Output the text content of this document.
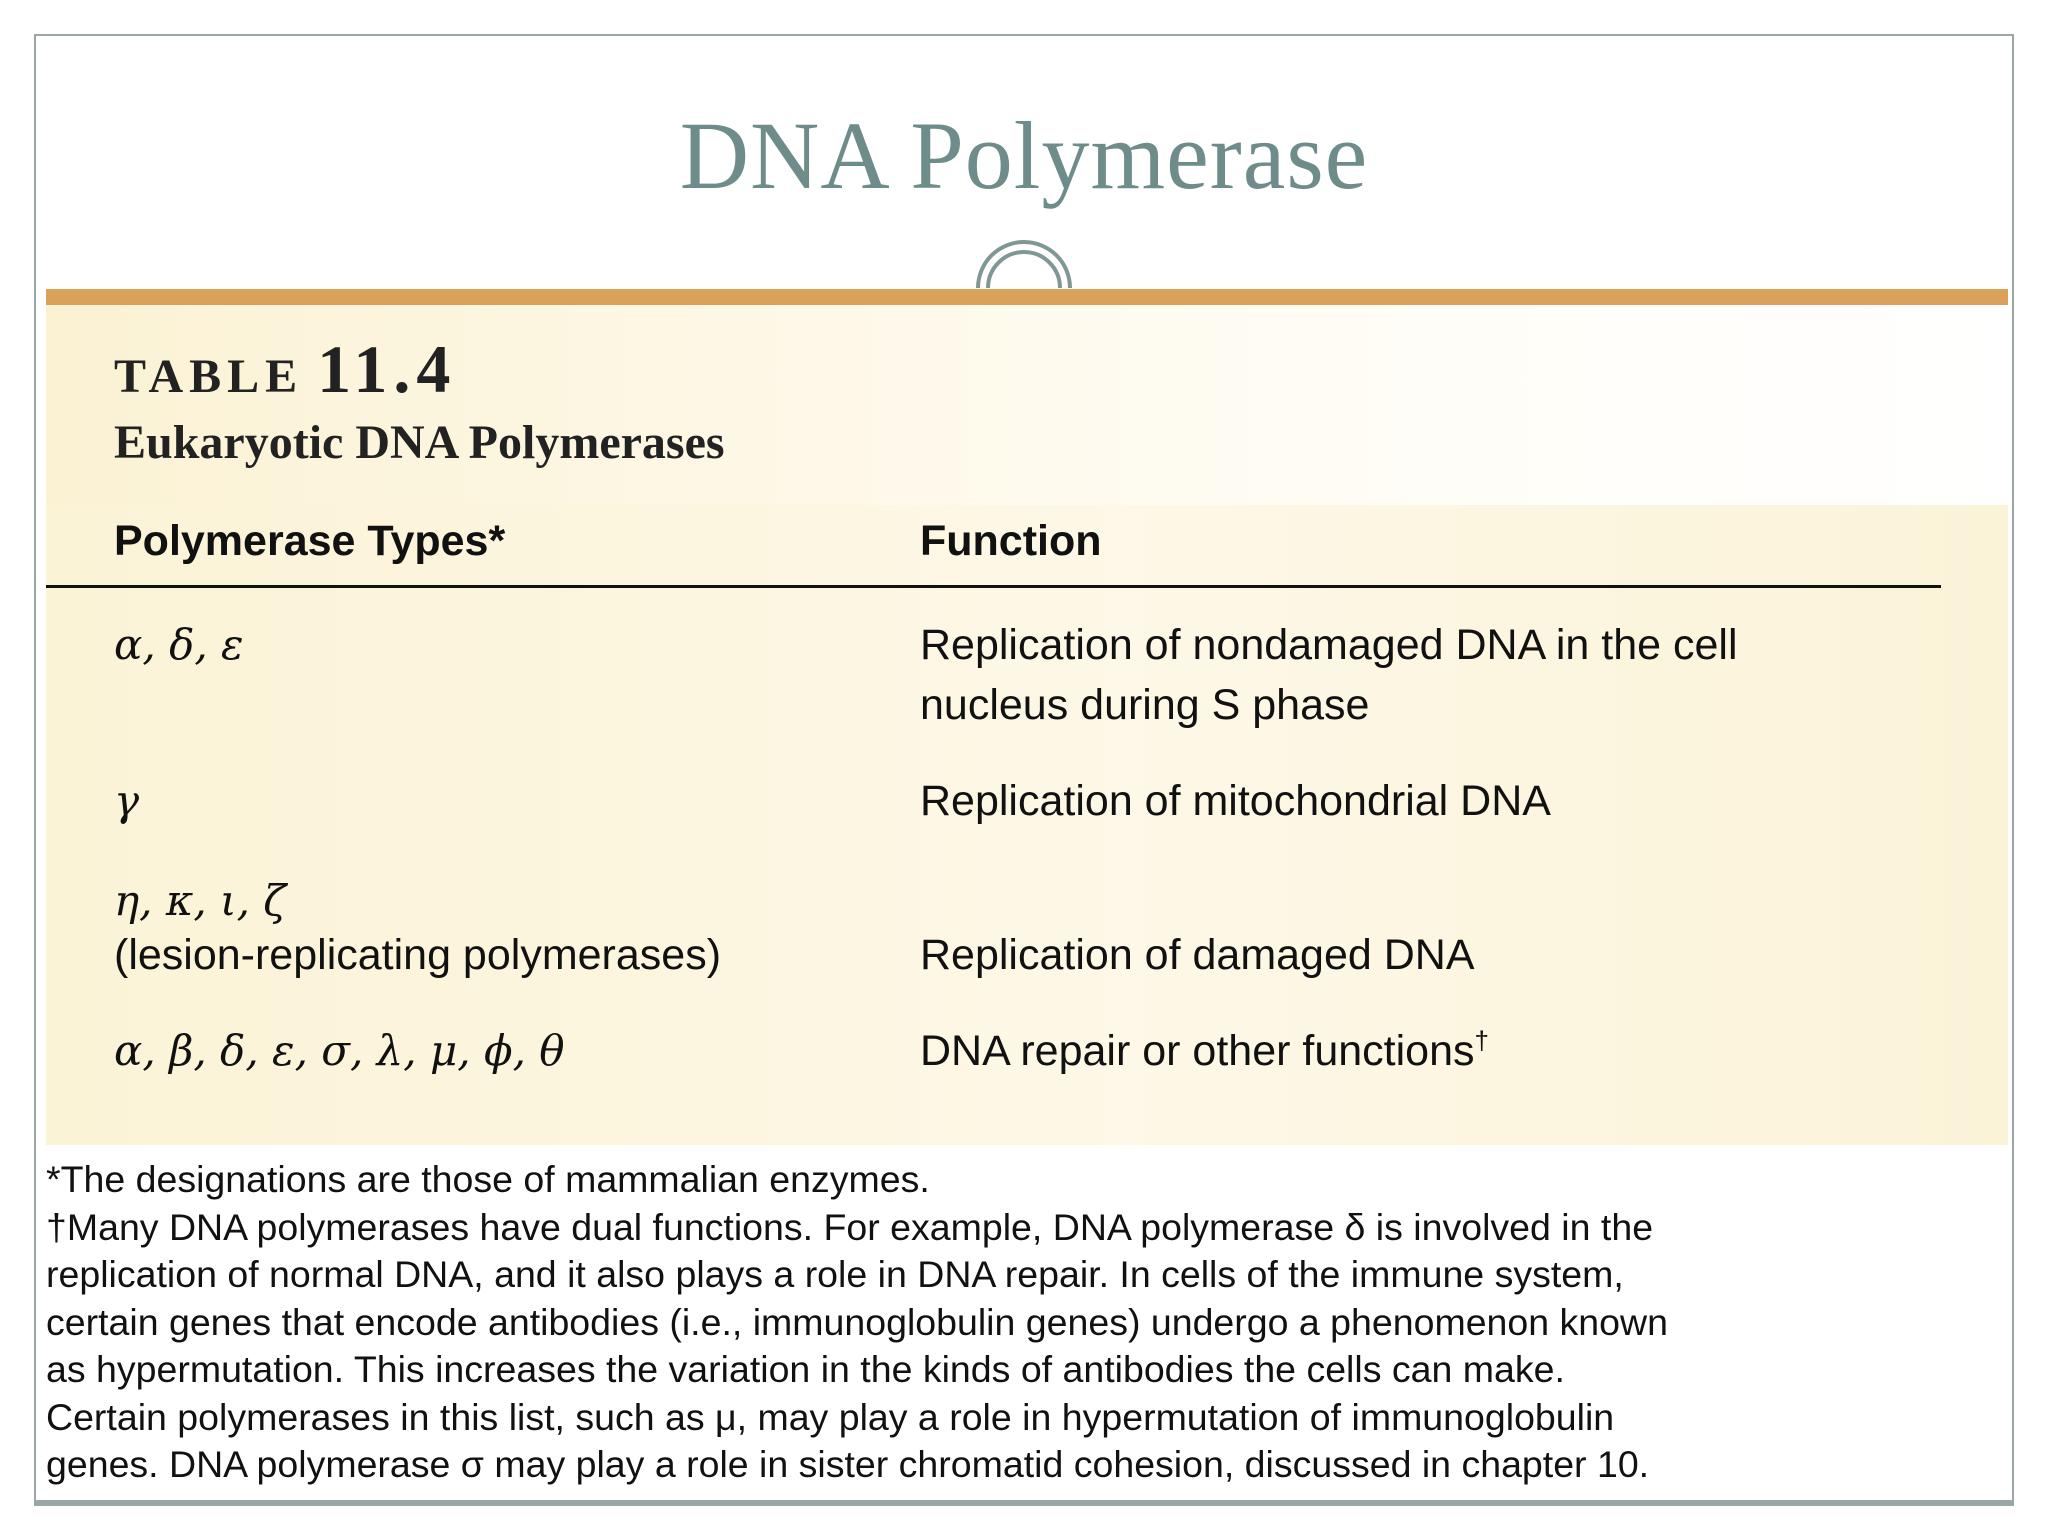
DNA Polymerase
TABLE 11.4
Eukaryotic DNA Polymerases
Polymerase Types*	Function
α, δ, ε	Replication of nondamaged DNA in the cell
nucleus during S phase
γ	Replication of mitochondrial DNA
η, κ, ι, ζ
(lesion-replicating polymerases)	Replication of damaged DNA
α, β, δ, ε, σ, λ, μ, ϕ, θ	DNA repair or other functions†
*The designations are those of mammalian enzymes.
†Many DNA polymerases have dual functions. For example, DNA polymerase δ is involved in the
replication of normal DNA, and it also plays a role in DNA repair. In cells of the immune system,
certain genes that encode antibodies (i.e., immunoglobulin genes) undergo a phenomenon known
as hypermutation. This increases the variation in the kinds of antibodies the cells can make.
Certain polymerases in this list, such as μ, may play a role in hypermutation of immunoglobulin
genes. DNA polymerase σ may play a role in sister chromatid cohesion, discussed in chapter 10.
